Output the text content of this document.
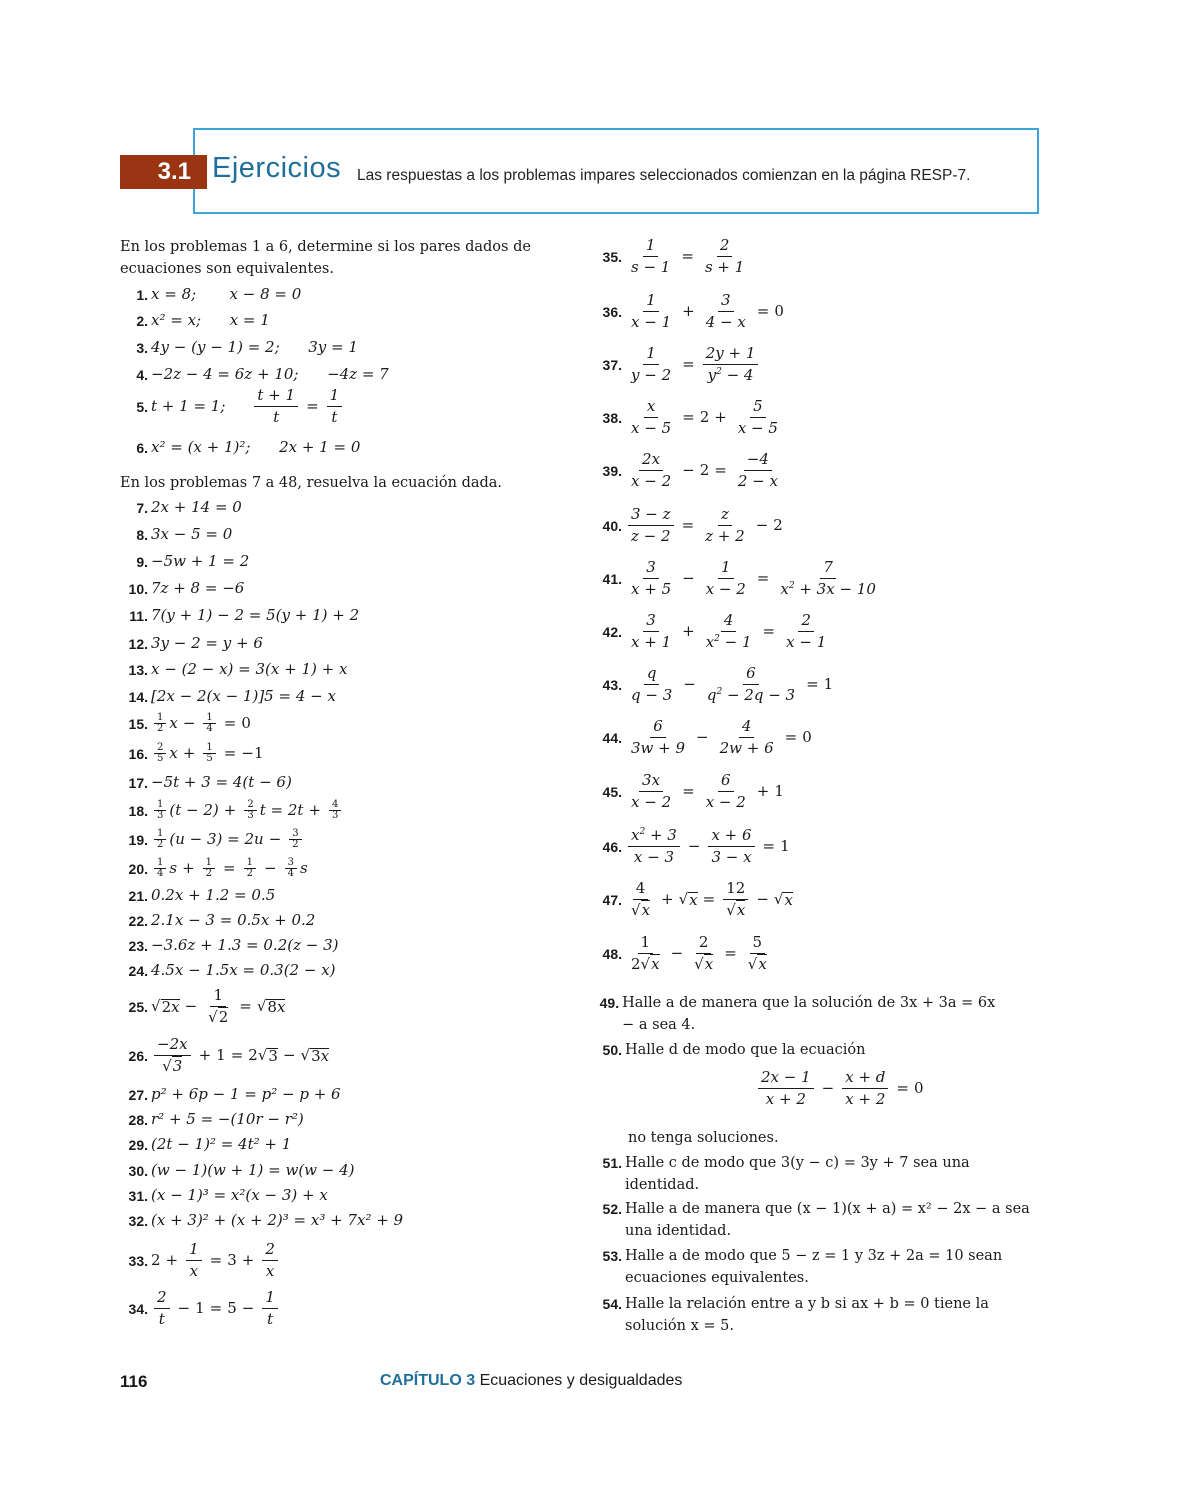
3.1 Ejercicios Las respuestas a los problemas impares seleccionados comienzan en la página RESP-7.
En los problemas 1 a 6, determine si los pares dados de ecuaciones son equivalentes.
1. x = 8;       x − 8 = 0
2. x² = x;      x = 1
3. 4y − (y − 1) = 2;      3y = 1
4. −2z − 4 = 6z + 10;      −4z = 7
5. t + 1 = 1; $\frac{t + 1}{t} = \frac{1}{t}$
6. x² = (x + 1)²;      2x + 1 = 0
En los problemas 7 a 48, resuelva la ecuación dada.
7. 2x + 14 = 0
8. 3x − 5 = 0
9. −5w + 1 = 2
10. 7z + 8 = −6
11. 7(y + 1) − 2 = 5(y + 1) + 2
12. 3y − 2 = y + 6
13. x − (2 − x) = 3(x + 1) + x
14. [2x − 2(x − 1)]5 = 4 − x
15. $\frac{1}{2}$ $x - \frac{1}{4} = 0$
16. $\frac{2}{5}$ $x + \frac{1}{5} = -1$
17. −5t + 3 = 4(t − 6)
18. $\frac{1}{3} (t - 2) + \frac{2}{3}$ $t = 2t + \frac{4}{3}$
19. $\frac{1}{2} (u - 3) = 2u - \frac{3}{2}$
20. $\frac{1}{4}$ $s + \frac{1}{2} = \frac{1}{2} - \frac{3}{4}$ s
21. 0.2x + 1.2 = 0.5
22. 2.1x − 3 = 0.5x + 0.2
23. −3.6z + 1.3 = 0.2(z − 3)
24. 4.5x − 1.5x = 0.3(2 − x)
25. √ $2x - \frac{1}{√2}$ = √ 8x
26. $\frac{-2x}{√3} + 1 = 2√$ 3 − √ 3x
27. p² + 6p − 1 = p² − p + 6
28. r² + 5 = −(10r − r²)
29. (2t − 1)² = 4t² + 1
30. (w − 1)(w + 1) = w(w − 4)
31. (x − 1)³ = x²(x − 3) + x
32. (x + 3)² + (x + 2)³ = x³ + 7x² + 9
33. $2 + \frac{1}{x} = 3 + \frac{2}{x}$
34. $\frac{2}{t} - 1 = 5 - \frac{1}{t}$
35. $\frac{1}{s - 1} = \frac{2}{s + 1}$
36. $\frac{1}{x - 1} + \frac{3}{4 - x} = 0$
37. $\frac{1}{y - 2} = \frac{2y + 1}{y^2 - 4}$
38. $\frac{x}{x - 5} = 2 + \frac{5}{x - 5}$
39. $\frac{2x}{x - 2} - 2 = \frac{-4}{2 - x}$
40. $\frac{3 - z}{z - 2} = \frac{z}{z + 2} - 2$
41. $\frac{3}{x + 5} - \frac{1}{x - 2} = \frac{7}{x^2 + 3x - 10}$
42. $\frac{3}{x + 1} + \frac{4}{x^2 - 1} = \frac{2}{x - 1}$
43. $\frac{q}{q - 3} - \frac{6}{q^2 - 2q - 3} = 1$
44. $\frac{6}{3w + 9} - \frac{4}{2w + 6} = 0$
45. $\frac{3x}{x - 2} = \frac{6}{x - 2} + 1$
46. $\frac{x^2 + 3}{x - 3} - \frac{x + 6}{3 - x} = 1$
47. $\frac{4}{√x}$ + √ $x = \frac{12}{√x}$ − √ x
48. $\frac{1}{2√x} - \frac{2}{√x} = \frac{5}{√x}$
49. Halle a de manera que la solución de 3x + 3a = 6x − a sea 4.
50. Halle d de modo que la ecuación
$\frac{2x - 1}{x + 2} - \frac{x + d}{x + 2} = 0$
no tenga soluciones.
51. Halle c de modo que 3(y − c) = 3y + 7 sea una identidad.
52. Halle a de manera que (x − 1)(x + a) = x² − 2x − a sea una identidad.
53. Halle a de modo que 5 − z = 1 y 3z + 2a = 10 sean ecuaciones equivalentes.
54. Halle la relación entre a y b si ax + b = 0 tiene la solución x = 5.
116	CAPÍTULO 3 Ecuaciones y desigualdades
